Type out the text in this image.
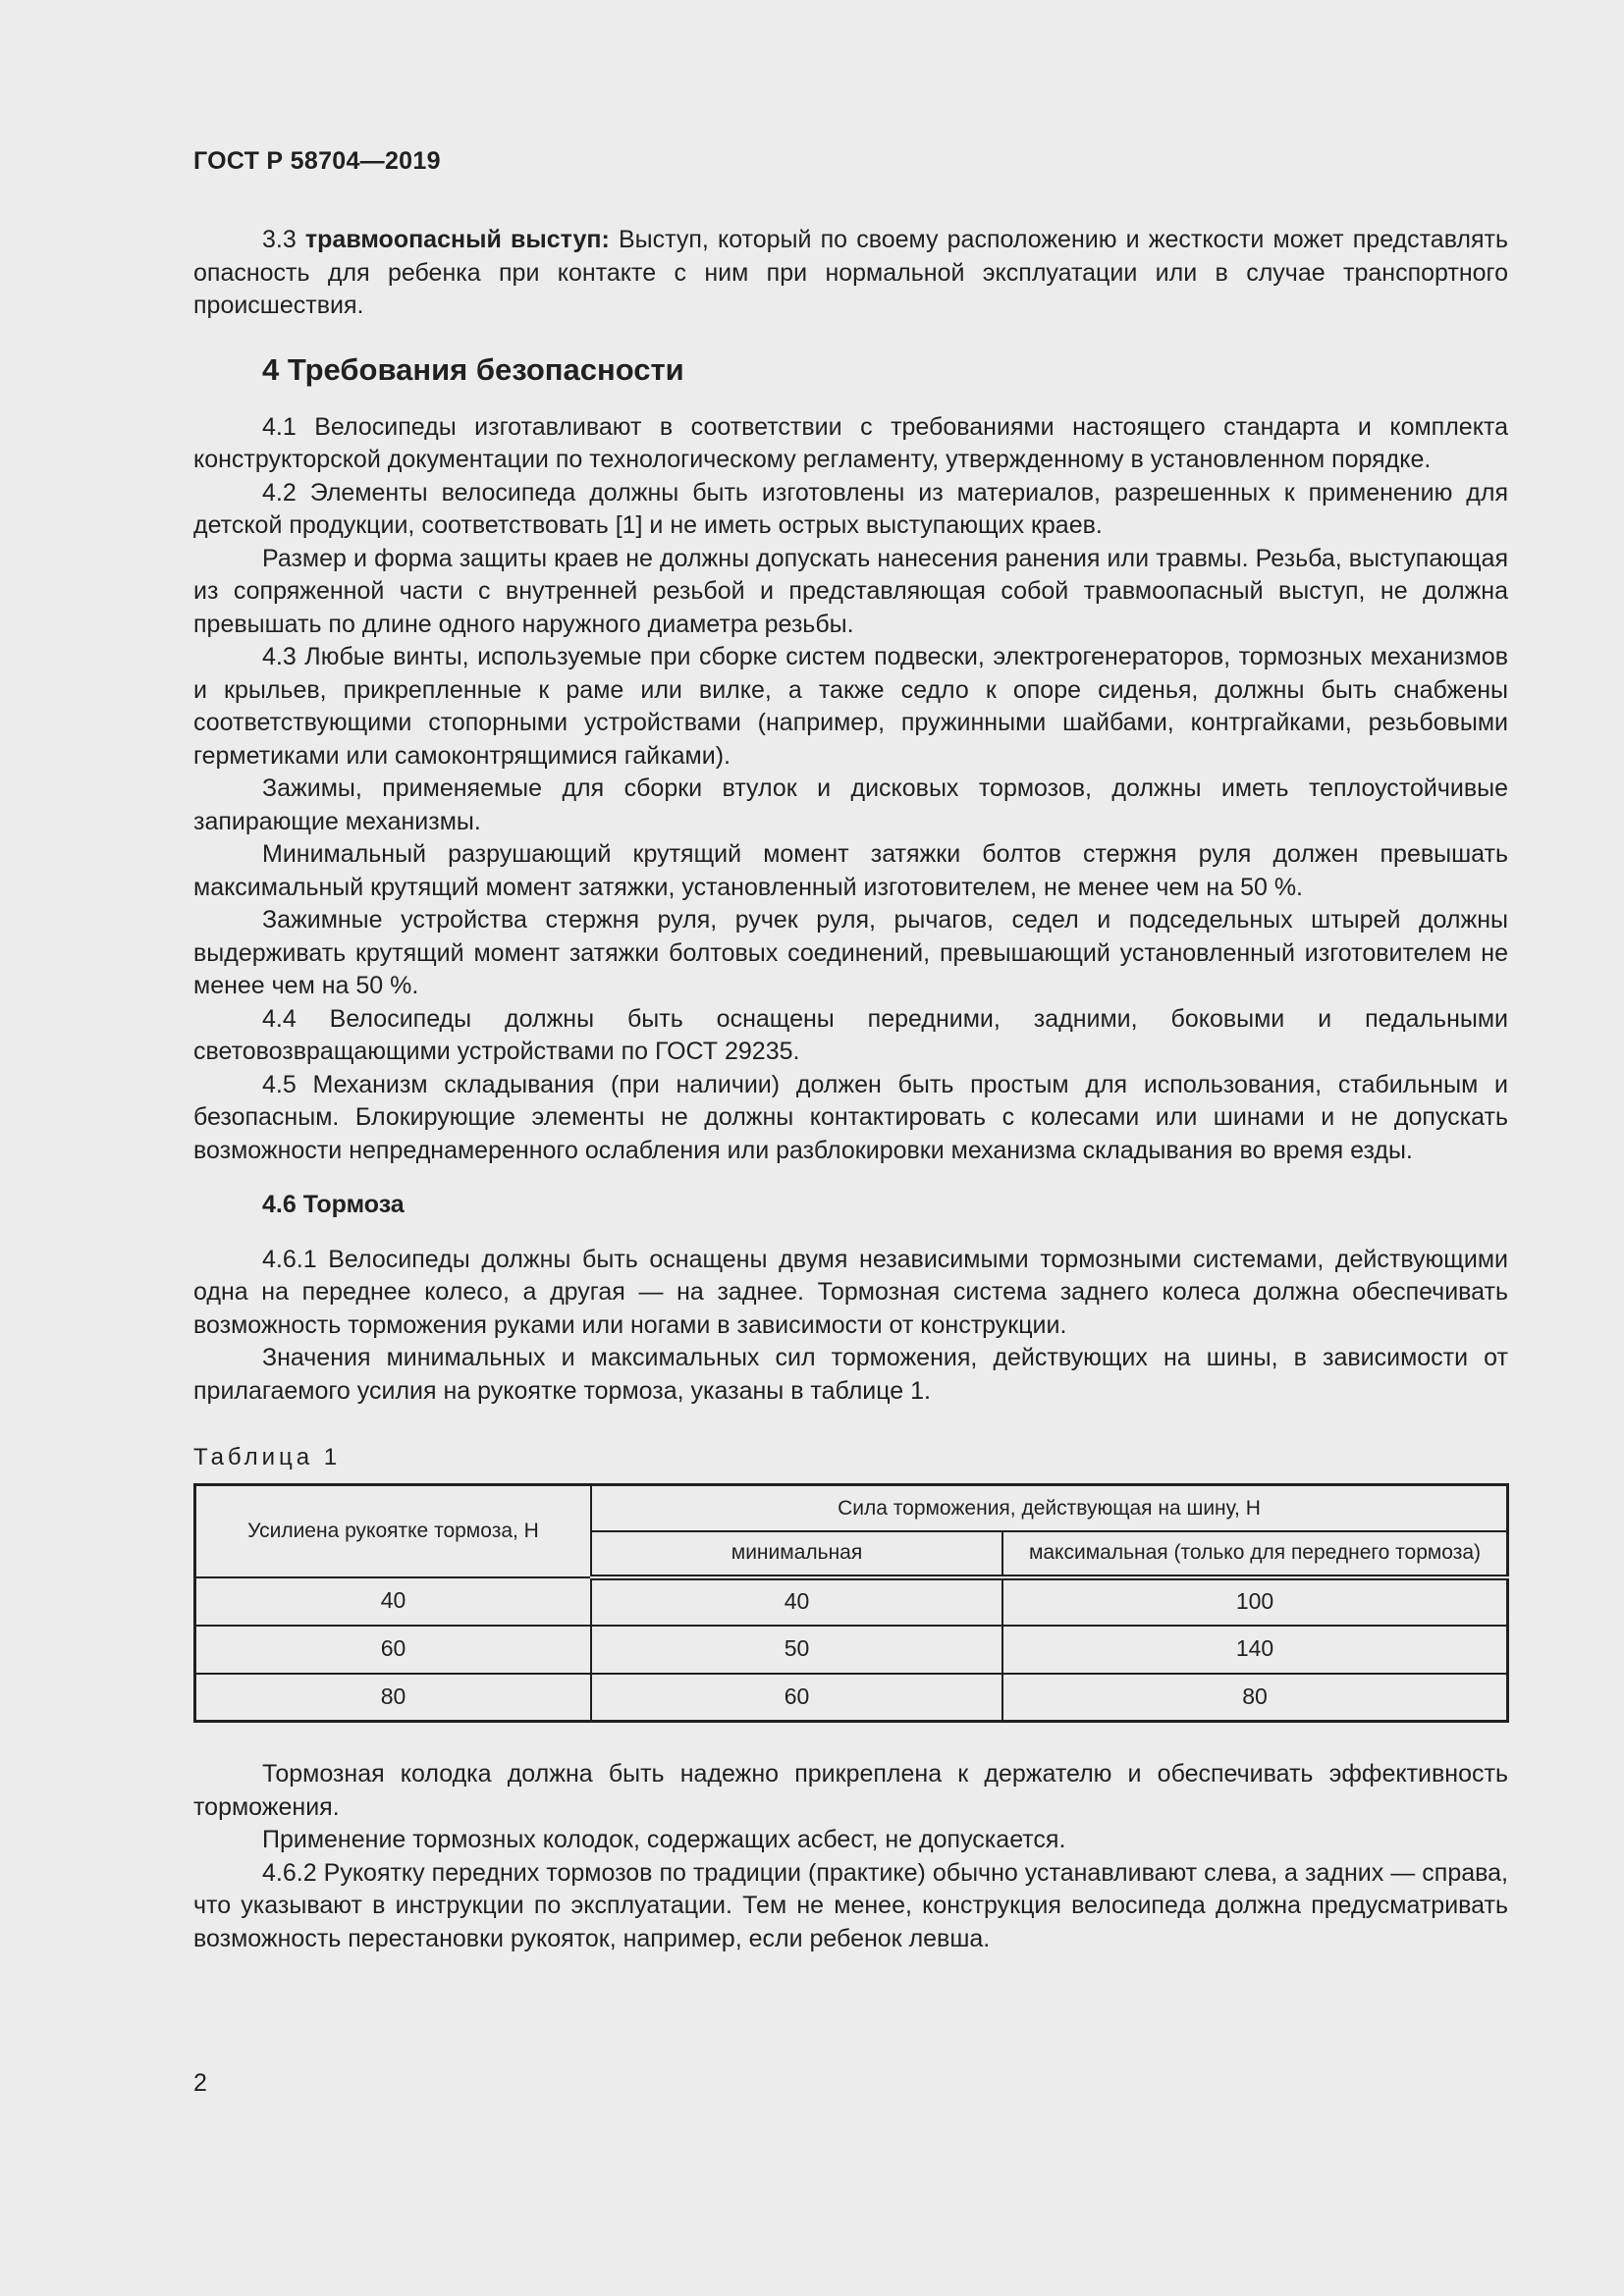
ГОСТ Р 58704—2019

3.3 травмоопасный выступ: Выступ, который по своему расположению и жесткости может представлять опасность для ребенка при контакте с ним при нормальной эксплуатации или в случае транспортного происшествия.

4 Требования безопасности

4.1 Велосипеды изготавливают в соответствии с требованиями настоящего стандарта и комплекта конструкторской документации по технологическому регламенту, утвержденному в установленном порядке.

4.2 Элементы велосипеда должны быть изготовлены из материалов, разрешенных к применению для детской продукции, соответствовать [1] и не иметь острых выступающих краев.

Размер и форма защиты краев не должны допускать нанесения ранения или травмы. Резьба, выступающая из сопряженной части с внутренней резьбой и представляющая собой травмоопасный выступ, не должна превышать по длине одного наружного диаметра резьбы.

4.3 Любые винты, используемые при сборке систем подвески, электрогенераторов, тормозных механизмов и крыльев, прикрепленные к раме или вилке, а также седло к опоре сиденья, должны быть снабжены соответствующими стопорными устройствами (например, пружинными шайбами, контргайками, резьбовыми герметиками или самоконтрящимися гайками).

Зажимы, применяемые для сборки втулок и дисковых тормозов, должны иметь теплоустойчивые запирающие механизмы.

Минимальный разрушающий крутящий момент затяжки болтов стержня руля должен превышать максимальный крутящий момент затяжки, установленный изготовителем, не менее чем на 50 %.

Зажимные устройства стержня руля, ручек руля, рычагов, седел и подседельных штырей должны выдерживать крутящий момент затяжки болтовых соединений, превышающий установленный изготовителем не менее чем на 50 %.

4.4 Велосипеды должны быть оснащены передними, задними, боковыми и педальными световозвращающими устройствами по ГОСТ 29235.

4.5 Механизм складывания (при наличии) должен быть простым для использования, стабильным и безопасным. Блокирующие элементы не должны контактировать с колесами или шинами и не допускать возможности непреднамеренного ослабления или разблокировки механизма складывания во время езды.

4.6 Тормоза

4.6.1 Велосипеды должны быть оснащены двумя независимыми тормозными системами, действующими одна на переднее колесо, а другая — на заднее. Тормозная система заднего колеса должна обеспечивать возможность торможения руками или ногами в зависимости от конструкции.

Значения минимальных и максимальных сил торможения, действующих на шины, в зависимости от прилагаемого усилия на рукоятке тормоза, указаны в таблице 1.

Таблица 1

Усилиена рукоятке тормоза, Н	Сила торможения, действующая на шину, Н	
	минимальная	максимальная (только для переднего тормоза)
40	40	100
60	50	140
80	60	80

Тормозная колодка должна быть надежно прикреплена к держателю и обеспечивать эффективность торможения.

Применение тормозных колодок, содержащих асбест, не допускается.

4.6.2 Рукоятку передних тормозов по традиции (практике) обычно устанавливают слева, а задних — справа, что указывают в инструкции по эксплуатации. Тем не менее, конструкция велосипеда должна предусматривать возможность перестановки рукояток, например, если ребенок левша.

2
